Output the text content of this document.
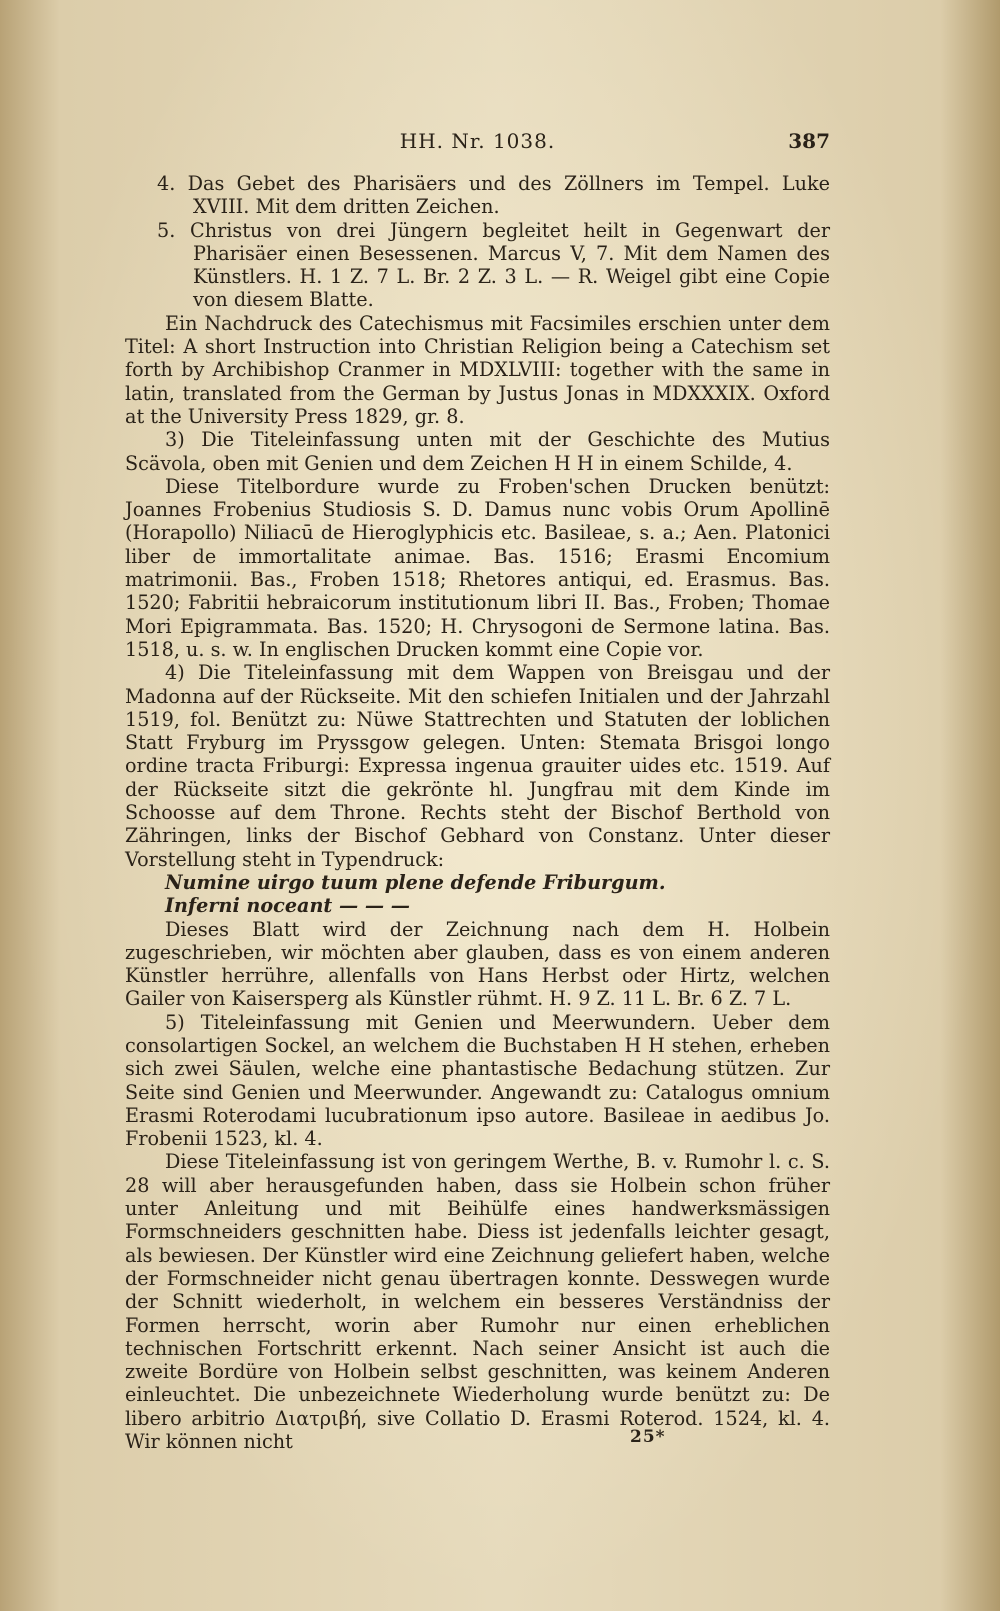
HH. Nr. 1038.	387

4. Das Gebet des Pharisäers und des Zöllners im Tempel. Luke XVIII. Mit dem dritten Zeichen.

5. Christus von drei Jüngern begleitet heilt in Gegenwart der Pharisäer einen Besessenen. Marcus V, 7. Mit dem Namen des Künstlers. H. 1 Z. 7 L. Br. 2 Z. 3 L. — R. Weigel gibt eine Copie von diesem Blatte.

Ein Nachdruck des Catechismus mit Facsimiles erschien unter dem Titel: A short Instruction into Christian Religion being a Catechism set forth by Archibishop Cranmer in MDXLVIII: together with the same in latin, translated from the German by Justus Jonas in MDXXXIX. Oxford at the University Press 1829, gr. 8.

3) Die Titeleinfassung unten mit der Geschichte des Mutius Scävola, oben mit Genien und dem Zeichen H H in einem Schilde, 4.

Diese Titelbordure wurde zu Froben'schen Drucken benützt: Joannes Frobenius Studiosis S. D. Damus nunc vobis Orum Apollinē (Horapollo) Niliacū de Hieroglyphicis etc. Basileae, s. a.; Aen. Platonici liber de immortalitate animae. Bas. 1516; Erasmi Encomium matrimonii. Bas., Froben 1518; Rhetores antiqui, ed. Erasmus. Bas. 1520; Fabritii hebraicorum institutionum libri II. Bas., Froben; Thomae Mori Epigrammata. Bas. 1520; H. Chrysogoni de Sermone latina. Bas. 1518, u. s. w. In englischen Drucken kommt eine Copie vor.

4) Die Titeleinfassung mit dem Wappen von Breisgau und der Madonna auf der Rückseite. Mit den schiefen Initialen und der Jahrzahl 1519, fol. Benützt zu: Nüwe Stattrechten und Statuten der loblichen Statt Fryburg im Pryssgow gelegen. Unten: Stemata Brisgoi longo ordine tracta Friburgi: Expressa ingenua grauiter uides etc. 1519. Auf der Rückseite sitzt die gekrönte hl. Jungfrau mit dem Kinde im Schoosse auf dem Throne. Rechts steht der Bischof Berthold von Zähringen, links der Bischof Gebhard von Constanz. Unter dieser Vorstellung steht in Typendruck:

Numine uirgo tuum plene defende Friburgum.

Inferni noceant — — —

Dieses Blatt wird der Zeichnung nach dem H. Holbein zugeschrieben, wir möchten aber glauben, dass es von einem anderen Künstler herrühre, allenfalls von Hans Herbst oder Hirtz, welchen Gailer von Kaisersperg als Künstler rühmt. H. 9 Z. 11 L. Br. 6 Z. 7 L.

5) Titeleinfassung mit Genien und Meerwundern. Ueber dem consolartigen Sockel, an welchem die Buchstaben H H stehen, erheben sich zwei Säulen, welche eine phantastische Bedachung stützen. Zur Seite sind Genien und Meerwunder. Angewandt zu: Catalogus omnium Erasmi Roterodami lucubrationum ipso autore. Basileae in aedibus Jo. Frobenii 1523, kl. 4.

Diese Titeleinfassung ist von geringem Werthe, B. v. Rumohr l. c. S. 28 will aber herausgefunden haben, dass sie Holbein schon früher unter Anleitung und mit Beihülfe eines handwerksmässigen Formschneiders geschnitten habe. Diess ist jedenfalls leichter gesagt, als bewiesen. Der Künstler wird eine Zeichnung geliefert haben, welche der Formschneider nicht genau übertragen konnte. Desswegen wurde der Schnitt wiederholt, in welchem ein besseres Verständniss der Formen herrscht, worin aber Rumohr nur einen erheblichen technischen Fortschritt erkennt. Nach seiner Ansicht ist auch die zweite Bordüre von Holbein selbst geschnitten, was keinem Anderen einleuchtet. Die unbezeichnete Wiederholung wurde benützt zu: De libero arbitrio Διατριβή, sive Collatio D. Erasmi Roterod. 1524, kl. 4. Wir können nicht	25*
